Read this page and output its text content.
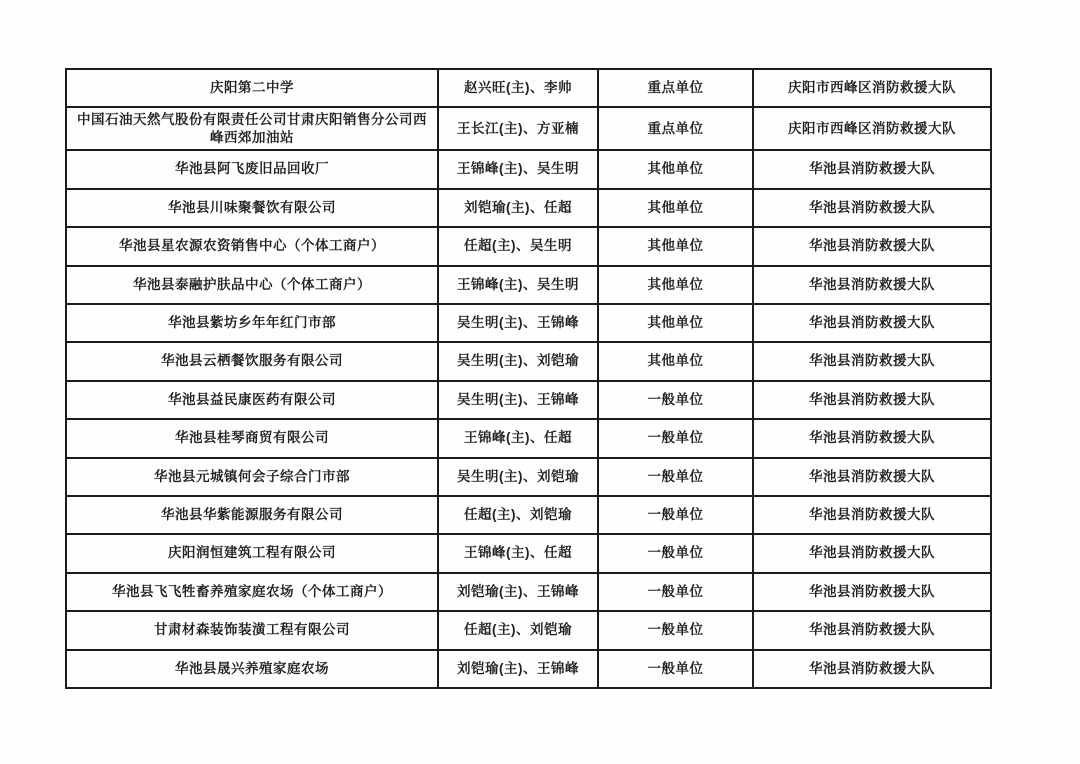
庆阳第二中学	赵兴旺(主)、李帅	重点单位	庆阳市西峰区消防救援大队
中国石油天然气股份有限责任公司甘肃庆阳销售分公司西峰西郊加油站	王长江(主)、方亚楠	重点单位	庆阳市西峰区消防救援大队
华池县阿飞废旧品回收厂	王锦峰(主)、吴生明	其他单位	华池县消防救援大队
华池县川味聚餐饮有限公司	刘铠瑜(主)、任超	其他单位	华池县消防救援大队
华池县星农源农资销售中心（个体工商户）	任超(主)、吴生明	其他单位	华池县消防救援大队
华池县泰融护肤品中心（个体工商户）	王锦峰(主)、吴生明	其他单位	华池县消防救援大队
华池县紫坊乡年年红门市部	吴生明(主)、王锦峰	其他单位	华池县消防救援大队
华池县云栖餐饮服务有限公司	吴生明(主)、刘铠瑜	其他单位	华池县消防救援大队
华池县益民康医药有限公司	吴生明(主)、王锦峰	一般单位	华池县消防救援大队
华池县桂琴商贸有限公司	王锦峰(主)、任超	一般单位	华池县消防救援大队
华池县元城镇何会子综合门市部	吴生明(主)、刘铠瑜	一般单位	华池县消防救援大队
华池县华紫能源服务有限公司	任超(主)、刘铠瑜	一般单位	华池县消防救援大队
庆阳润恒建筑工程有限公司	王锦峰(主)、任超	一般单位	华池县消防救援大队
华池县飞飞牲畜养殖家庭农场（个体工商户）	刘铠瑜(主)、王锦峰	一般单位	华池县消防救援大队
甘肃材森装饰装潢工程有限公司	任超(主)、刘铠瑜	一般单位	华池县消防救援大队
华池县晟兴养殖家庭农场	刘铠瑜(主)、王锦峰	一般单位	华池县消防救援大队
